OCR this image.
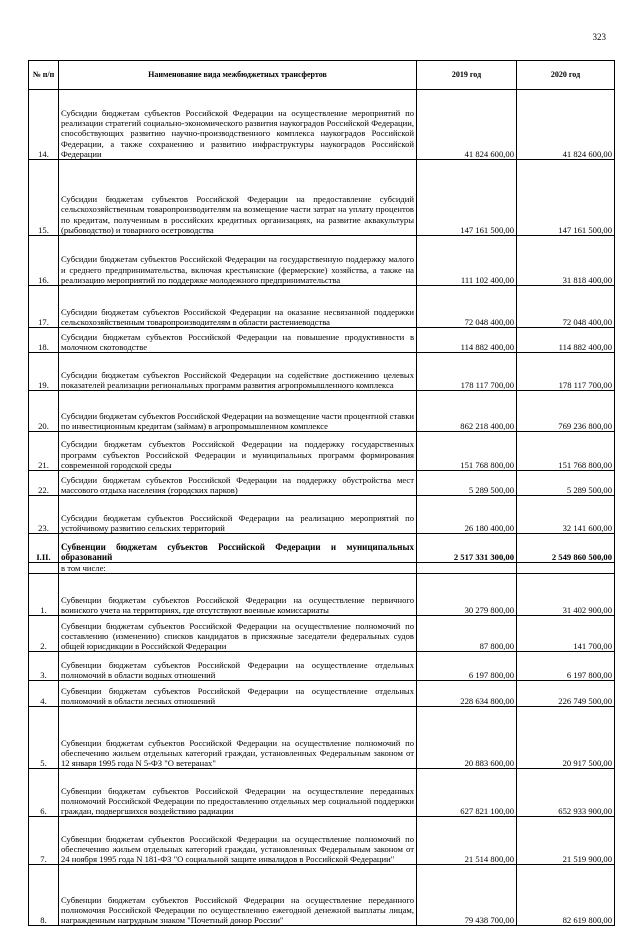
323
№ п/п	Наименование вида межбюджетных трансфертов	2019 год	2020 год
14.	Субсидии бюджетам субъектов Российской Федерации на осуществление мероприятий по реализации стратегий социально-экономического развития наукоградов Российской Федерации, способствующих развитию научно-производственного комплекса наукоградов Российской Федерации, а также сохранению и развитию инфраструктуры наукоградов Российской Федерации	41 824 600,00	41 824 600,00
15.	Субсидии бюджетам субъектов Российской Федерации на предоставление субсидий сельскохозяйственным товаропроизводителям на возмещение части затрат на уплату процентов по кредитам, полученным в российских кредитных организациях, на развитие аквакультуры (рыбоводство) и товарного осетроводства	147 161 500,00	147 161 500,00
16.	Субсидии бюджетам субъектов Российской Федерации на государственную поддержку малого и среднего предпринимательства, включая крестьянские (фермерские) хозяйства, а также на реализацию мероприятий по поддержке молодежного предпринимательства	111 102 400,00	31 818 400,00
17.	Субсидии бюджетам субъектов Российской Федерации на оказание несвязанной поддержки сельскохозяйственным товаропроизводителям в области растениеводства	72 048 400,00	72 048 400,00
18.	Субсидии бюджетам субъектов Российской Федерации на повышение продуктивности в молочном скотоводстве	114 882 400,00	114 882 400,00
19.	Субсидии бюджетам субъектов Российской Федерации на содействие достижению целевых показателей реализации региональных программ развития агропромышленного комплекса	178 117 700,00	178 117 700,00
20.	Субсидии бюджетам субъектов Российской Федерации на возмещение части процентной ставки по инвестиционным кредитам (займам) в агропромышленном комплексе	862 218 400,00	769 236 800,00
21.	Субсидии бюджетам субъектов Российской Федерации на поддержку государственных программ субъектов Российской Федерации и муниципальных программ формирования современной городской среды	151 768 800,00	151 768 800,00
22.	Субсидии бюджетам субъектов Российской Федерации на поддержку обустройства мест массового отдыха населения (городских парков)	5 289 500,00	5 289 500,00
23.	Субсидии бюджетам субъектов Российской Федерации на реализацию мероприятий по устойчивому развитию сельских территорий	26 180 400,00	32 141 600,00
I.II.	Субвенции бюджетам субъектов Российской Федерации и муниципальных образований	2 517 331 300,00	2 549 860 500,00
	в том числе:		
1.	Субвенции бюджетам субъектов Российской Федерации на осуществление первичного воинского учета на территориях, где отсутствуют военные комиссариаты	30 279 800,00	31 402 900,00
2.	Субвенции бюджетам субъектов Российской Федерации на осуществление полномочий по составлению (изменению) списков кандидатов в присяжные заседатели федеральных судов общей юрисдикции в Российской Федерации	87 800,00	141 700,00
3.	Субвенции бюджетам субъектов Российской Федерации на осуществление отдельных полномочий в области водных отношений	6 197 800,00	6 197 800,00
4.	Субвенции бюджетам субъектов Российской Федерации на осуществление отдельных полномочий в области лесных отношений	228 634 800,00	226 749 500,00
5.	Субвенции бюджетам субъектов Российской Федерации на осуществление полномочий по обеспечению жильем отдельных категорий граждан, установленных Федеральным законом от 12 января 1995 года N 5-ФЗ "О ветеранах"	20 883 600,00	20 917 500,00
6.	Субвенции бюджетам субъектов Российской Федерации на осуществление переданных полномочий Российской Федерации по предоставлению отдельных мер социальной поддержки граждан, подвергшихся воздействию радиации	627 821 100,00	652 933 900,00
7.	Субвенции бюджетам субъектов Российской Федерации на осуществление полномочий по обеспечению жильем отдельных категорий граждан, установленных Федеральным законом от 24 ноября 1995 года N 181-ФЗ "О социальной защите инвалидов в Российской Федерации"	21 514 800,00	21 519 900,00
8.	Субвенции бюджетам субъектов Российской Федерации на осуществление переданного полномочия Российской Федерации по осуществлению ежегодной денежной выплаты лицам, награжденным нагрудным знаком "Почетный донор России"	79 438 700,00	82 619 800,00
